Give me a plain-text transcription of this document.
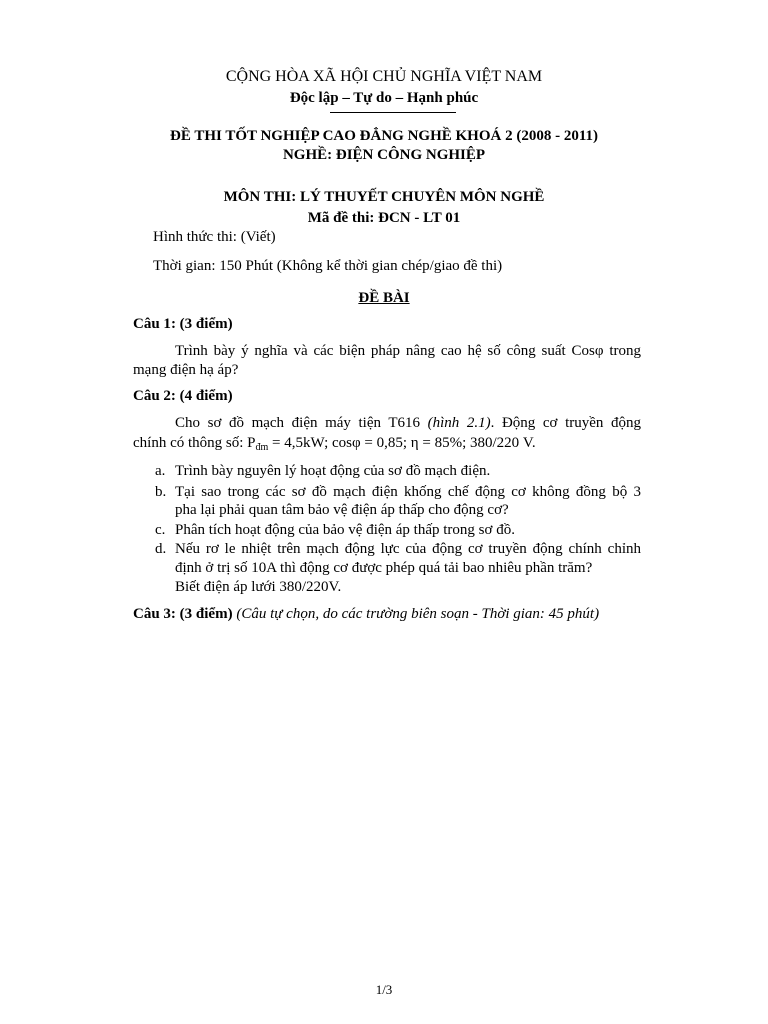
CỘNG HÒA XÃ HỘI CHỦ NGHĨA VIỆT NAM
Độc lập – Tự do – Hạnh phúc
ĐỀ THI TỐT NGHIỆP CAO ĐẲNG NGHỀ KHOÁ 2 (2008 - 2011)
NGHỀ: ĐIỆN CÔNG NGHIỆP
MÔN THI: LÝ THUYẾT CHUYÊN MÔN NGHỀ
Mã đề thi: ĐCN - LT 01
Hình thức thi: (Viết)
Thời gian: 150 Phút (Không kể thời gian chép/giao đề thi)
ĐỀ BÀI
Câu 1: (3 điểm)
Trình bày ý nghĩa và các biện pháp nâng cao hệ số công suất Cosφ trong
mạng điện hạ áp?
Câu 2: (4 điểm)
Cho sơ đồ mạch điện máy tiện T616 (hình 2.1). Động cơ truyền động
chính có thông số: $P_{đm} = 4,5kW$; cosφ = 0,85; η = 85%; 380/220 V.
a. Trình bày nguyên lý hoạt động của sơ đồ mạch điện.
b. Tại sao trong các sơ đồ mạch điện khống chế động cơ không đồng bộ 3
pha lại phải quan tâm bảo vệ điện áp thấp cho động cơ?
c. Phân tích hoạt động của bảo vệ điện áp thấp trong sơ đồ.
d. Nếu rơ le nhiệt trên mạch động lực của động cơ truyền động chính chỉnh
định ở trị số 10A thì động cơ được phép quá tải bao nhiêu phần trăm?
Biết điện áp lưới 380/220V.
Câu 3: (3 điểm) (Câu tự chọn, do các trường biên soạn - Thời gian: 45 phút)
1/3
